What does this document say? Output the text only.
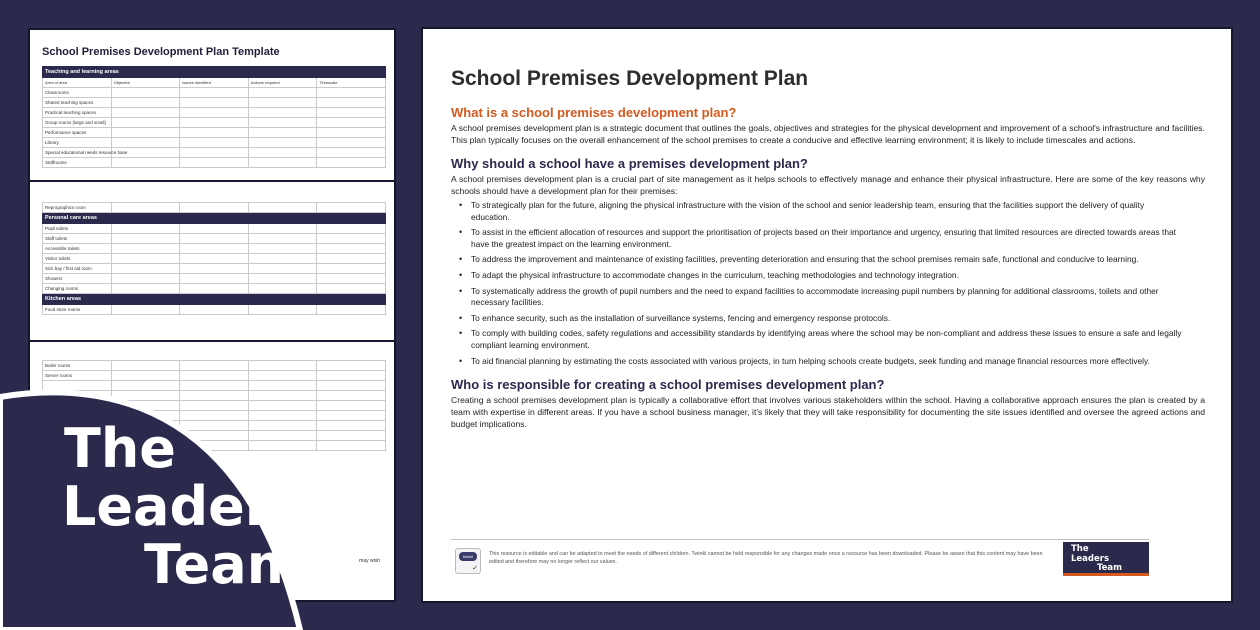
School Premises Development Plan Template
Teaching and learning areas				
Area of area	Objective	Issues identified	Actions required	Timescale
Classrooms				
Shared teaching spaces				
Practical teaching spaces				
Group rooms (large and small)				
Performance spaces				
Library				
Special educational needs resource base				
Staffrooms				
Reprographics room				
Personal care areas				
Pupil toilets				
Staff toilets				
Accessible toilets				
Visitor toilets				
Sick bay / first aid room				
Showers				
Changing rooms				
Kitchen areas				
Food store rooms				
Boiler rooms				
Server rooms				

may wish
The
Leaders
Team
School Premises Development Plan
What is a school premises development plan?

A school premises development plan is a strategic document that outlines the goals, objectives and strategies for the physical development and improvement of a school's infrastructure and facilities. This plan typically focuses on the overall enhancement of the school premises to create a conducive and effective learning environment; it is likely to include timescales and actions.

Why should a school have a premises development plan?

A school premises development plan is a crucial part of site management as it helps schools to effectively manage and enhance their physical infrastructure. Here are some of the key reasons why schools should have a development plan for their premises:

• To strategically plan for the future, aligning the physical infrastructure with the vision of the school and senior leadership team, ensuring that the facilities support the delivery of quality education.
• To assist in the efficient allocation of resources and support the prioritisation of projects based on their importance and urgency, ensuring that limited resources are directed towards areas that have the greatest impact on the learning environment.
• To address the improvement and maintenance of existing facilities, preventing deterioration and ensuring that the school premises remain safe, functional and conducive to learning.
• To adapt the physical infrastructure to accommodate changes in the curriculum, teaching methodologies and technology integration.
• To systematically address the growth of pupil numbers and the need to expand facilities to accommodate increasing pupil numbers by planning for additional classrooms, toilets and other necessary facilities.
• To enhance security, such as the installation of surveillance systems, fencing and emergency response protocols.
• To comply with building codes, safety regulations and accessibility standards by identifying areas where the school may be non-compliant and address these issues to ensure a safe and legally compliant learning environment.
• To aid financial planning by estimating the costs associated with various projects, in turn helping schools create budgets, seek funding and manage financial resources more effectively.
Who is responsible for creating a school premises development plan?

Creating a school premises development plan is typically a collaborative effort that involves various stakeholders within the school. Having a collaborative approach ensures the plan is created by a team with expertise in different areas. If you have a school business manager, it's likely that they will take responsibility for documenting the site issues identified and oversee the agreed actions and budget implications.

twinkl
✓
This resource is editable and can be adapted to meet the needs of different children. Twinkl cannot be held responsible for any changes made once a resource has been downloaded. Please be aware that this content may have been edited and therefore may no longer reflect our values.
The
Leaders
Team
